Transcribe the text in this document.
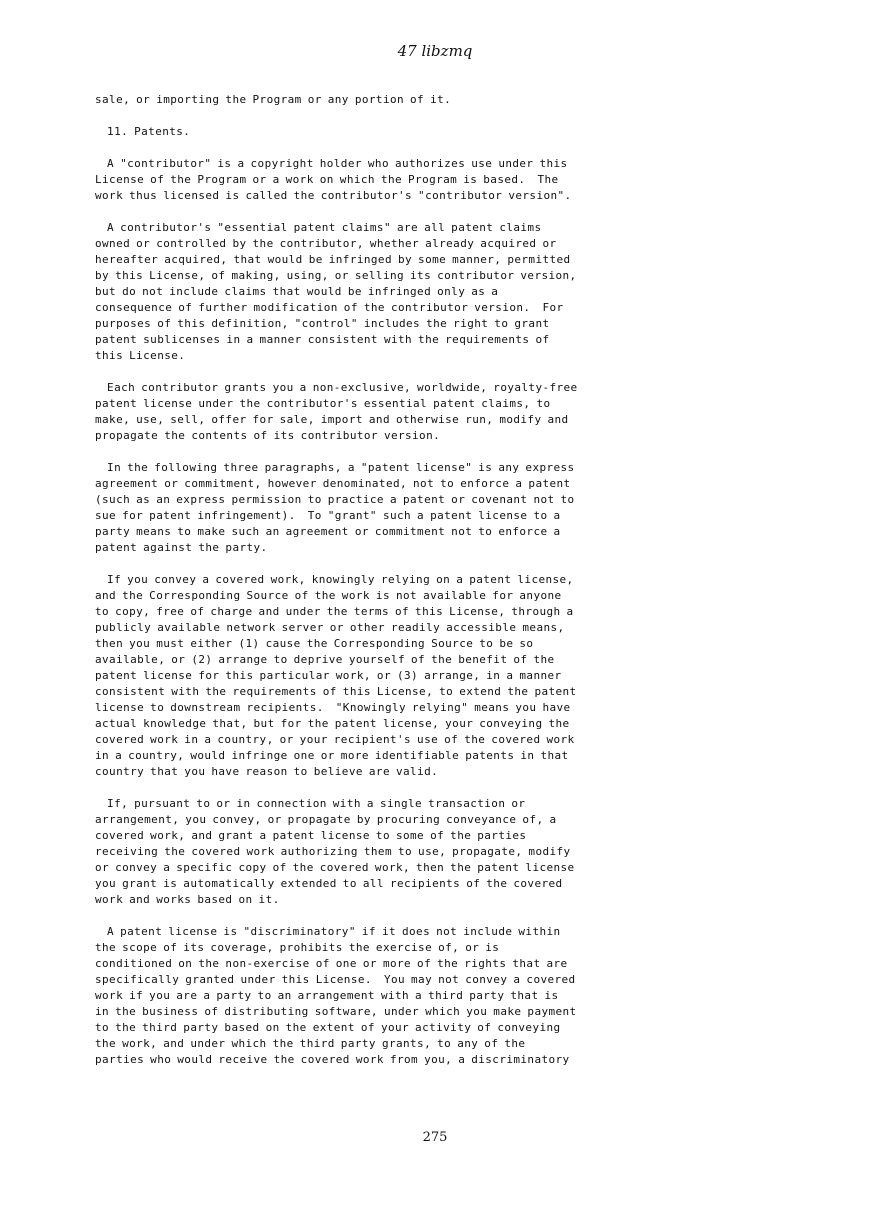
47 libzmq
sale, or importing the Program or any portion of it.
11. Patents.
A "contributor" is a copyright holder who authorizes use under this
License of the Program or a work on which the Program is based.  The
work thus licensed is called the contributor's "contributor version".
A contributor's "essential patent claims" are all patent claims
owned or controlled by the contributor, whether already acquired or
hereafter acquired, that would be infringed by some manner, permitted
by this License, of making, using, or selling its contributor version,
but do not include claims that would be infringed only as a
consequence of further modification of the contributor version.  For
purposes of this definition, "control" includes the right to grant
patent sublicenses in a manner consistent with the requirements of
this License.
Each contributor grants you a non-exclusive, worldwide, royalty-free
patent license under the contributor's essential patent claims, to
make, use, sell, offer for sale, import and otherwise run, modify and
propagate the contents of its contributor version.
In the following three paragraphs, a "patent license" is any express
agreement or commitment, however denominated, not to enforce a patent
(such as an express permission to practice a patent or covenant not to
sue for patent infringement).  To "grant" such a patent license to a
party means to make such an agreement or commitment not to enforce a
patent against the party.
If you convey a covered work, knowingly relying on a patent license,
and the Corresponding Source of the work is not available for anyone
to copy, free of charge and under the terms of this License, through a
publicly available network server or other readily accessible means,
then you must either (1) cause the Corresponding Source to be so
available, or (2) arrange to deprive yourself of the benefit of the
patent license for this particular work, or (3) arrange, in a manner
consistent with the requirements of this License, to extend the patent
license to downstream recipients.  "Knowingly relying" means you have
actual knowledge that, but for the patent license, your conveying the
covered work in a country, or your recipient's use of the covered work
in a country, would infringe one or more identifiable patents in that
country that you have reason to believe are valid.
If, pursuant to or in connection with a single transaction or
arrangement, you convey, or propagate by procuring conveyance of, a
covered work, and grant a patent license to some of the parties
receiving the covered work authorizing them to use, propagate, modify
or convey a specific copy of the covered work, then the patent license
you grant is automatically extended to all recipients of the covered
work and works based on it.
A patent license is "discriminatory" if it does not include within
the scope of its coverage, prohibits the exercise of, or is
conditioned on the non-exercise of one or more of the rights that are
specifically granted under this License.  You may not convey a covered
work if you are a party to an arrangement with a third party that is
in the business of distributing software, under which you make payment
to the third party based on the extent of your activity of conveying
the work, and under which the third party grants, to any of the
parties who would receive the covered work from you, a discriminatory
275
